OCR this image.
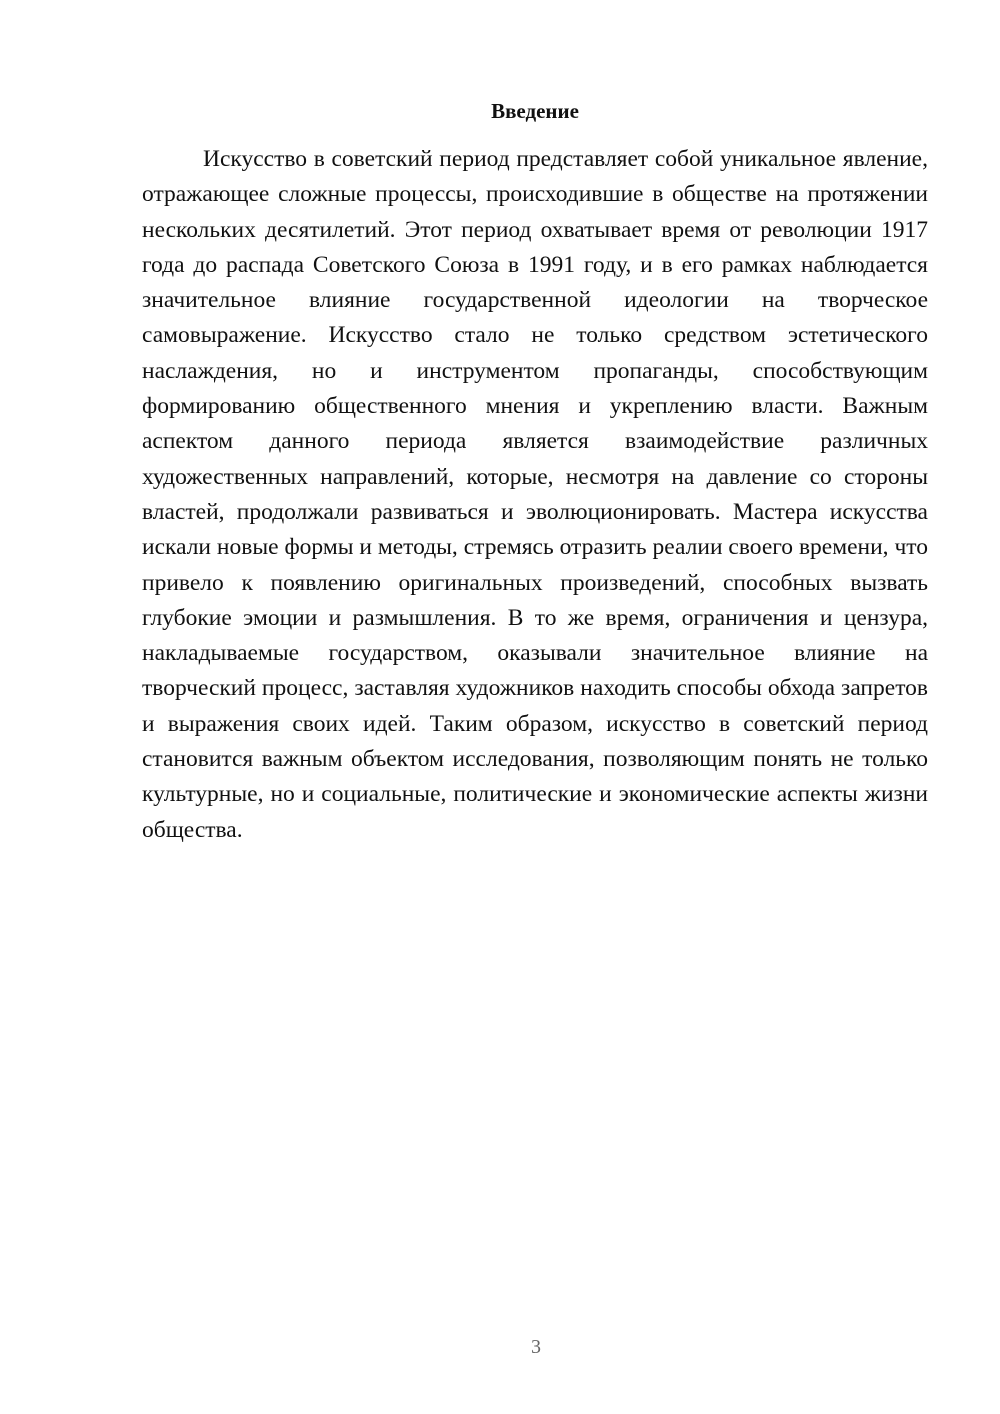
Введение

Искусство в советский период представляет собой уникальное явление, отражающее сложные процессы, происходившие в обществе на протяжении нескольких десятилетий. Этот период охватывает время от революции 1917 года до распада Советского Союза в 1991 году, и в его рамках наблюдается значительное влияние государственной идеологии на творческое самовыражение. Искусство стало не только средством эстетического наслаждения, но и инструментом пропаганды, способствующим формированию общественного мнения и укреплению власти. Важным аспектом данного периода является взаимодействие различных художественных направлений, которые, несмотря на давление со стороны властей, продолжали развиваться и эволюционировать. Мастера искусства искали новые формы и методы, стремясь отразить реалии своего времени, что привело к появлению оригинальных произведений, способных вызвать глубокие эмоции и размышления. В то же время, ограничения и цензура, накладываемые государством, оказывали значительное влияние на творческий процесс, заставляя художников находить способы обхода запретов и выражения своих идей. Таким образом, искусство в советский период становится важным объектом исследования, позволяющим понять не только культурные, но и социальные, политические и экономические аспекты жизни общества.

3
